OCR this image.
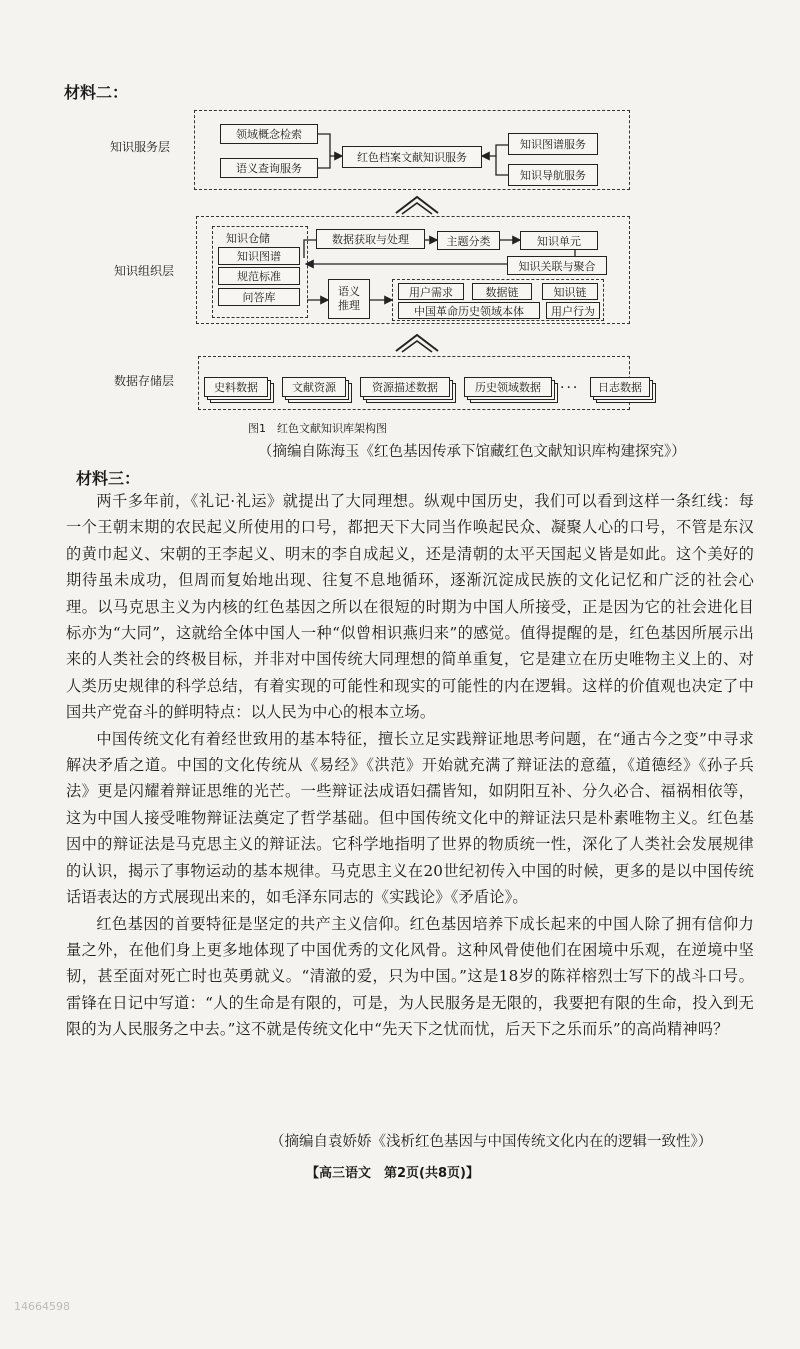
材料二：
知识服务层
知识组织层
数据存储层
领域概念检索
语义查询服务
红色档案文献知识服务
知识图谱服务
知识导航服务
知识仓储
知识图谱
规范标准
问答库
数据获取与处理	主题分类	知识单元
知识关联与聚合
语义推理
用户需求	数据链	知识链
中国革命历史领域本体	用户行为
史料数据	文献资源	资源描述数据	历史领域数据	···	日志数据
图1　红色文献知识库架构图
（摘编自陈海玉《红色基因传承下馆藏红色文献知识库构建探究》）
材料三：

两千多年前，《礼记·礼运》就提出了大同理想。纵观中国历史，我们可以看到这样一条红线：每一个王朝末期的农民起义所使用的口号，都把天下大同当作唤起民众、凝聚人心的口号，不管是东汉的黄巾起义、宋朝的王李起义、明末的李自成起义，还是清朝的太平天国起义皆是如此。这个美好的期待虽未成功，但周而复始地出现、往复不息地循环，逐渐沉淀成民族的文化记忆和广泛的社会心理。以马克思主义为内核的红色基因之所以在很短的时期为中国人所接受，正是因为它的社会进化目标亦为“大同”，这就给全体中国人一种“似曾相识燕归来”的感觉。值得提醒的是，红色基因所展示出来的人类社会的终极目标，并非对中国传统大同理想的简单重复，它是建立在历史唯物主义上的、对人类历史规律的科学总结，有着实现的可能性和现实的可能性的内在逻辑。这样的价值观也决定了中国共产党奋斗的鲜明特点：以人民为中心的根本立场。

中国传统文化有着经世致用的基本特征，擅长立足实践辩证地思考问题，在“通古今之变”中寻求解决矛盾之道。中国的文化传统从《易经》《洪范》开始就充满了辩证法的意蕴，《道德经》《孙子兵法》更是闪耀着辩证思维的光芒。一些辩证法成语妇孺皆知，如阴阳互补、分久必合、福祸相依等，这为中国人接受唯物辩证法奠定了哲学基础。但中国传统文化中的辩证法只是朴素唯物主义。红色基因中的辩证法是马克思主义的辩证法。它科学地指明了世界的物质统一性，深化了人类社会发展规律的认识，揭示了事物运动的基本规律。马克思主义在20世纪初传入中国的时候，更多的是以中国传统话语表达的方式展现出来的，如毛泽东同志的《实践论》《矛盾论》。

红色基因的首要特征是坚定的共产主义信仰。红色基因培养下成长起来的中国人除了拥有信仰力量之外，在他们身上更多地体现了中国优秀的文化风骨。这种风骨使他们在困境中乐观，在逆境中坚韧，甚至面对死亡时也英勇就义。“清澈的爱，只为中国。”这是18岁的陈祥榕烈士写下的战斗口号。雷锋在日记中写道：“人的生命是有限的，可是，为人民服务是无限的，我要把有限的生命，投入到无限的为人民服务之中去。”这不就是传统文化中“先天下之忧而忧，后天下之乐而乐”的高尚精神吗？

（摘编自袁娇娇《浅析红色基因与中国传统文化内在的逻辑一致性》）
【高三语文　第2页(共8页)】
14664598
